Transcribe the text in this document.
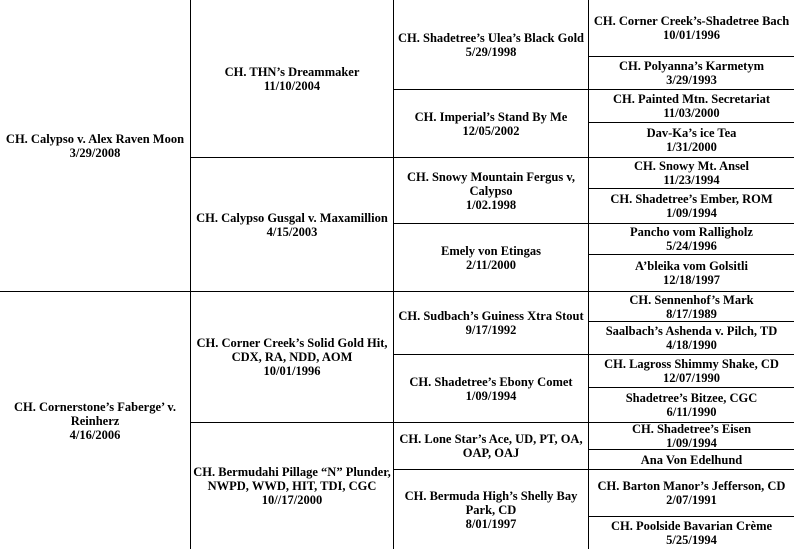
CH. Calypso v. Alex Raven Moon
3/29/2008
CH. Cornerstone’s Faberge’ v. Reinherz
4/16/2006
CH. THN’s Dreammaker
11/10/2004
CH. Calypso Gusgal v. Maxamillion
4/15/2003
CH. Corner Creek’s Solid Gold Hit, CDX, RA, NDD, AOM
10/01/1996
CH. Bermudahi Pillage “N” Plunder, NWPD, WWD, HIT, TDI, CGC
10//17/2000
CH. Shadetree’s Ulea’s Black Gold
5/29/1998
CH. Imperial’s Stand By Me
12/05/2002
CH. Snowy Mountain Fergus v, Calypso
1/02.1998
Emely von Etingas
2/11/2000
CH. Sudbach’s Guiness Xtra Stout
9/17/1992
CH. Shadetree’s Ebony Comet
1/09/1994
CH. Lone Star’s Ace, UD, PT, OA, OAP, OAJ
CH. Bermuda High’s Shelly Bay Park, CD
8/01/1997
CH. Corner Creek’s-Shadetree Bach
10/01/1996
CH. Polyanna’s Karmetym
3/29/1993
CH. Painted Mtn. Secretariat
11/03/2000
Dav-Ka’s ice Tea
1/31/2000
CH. Snowy Mt. Ansel
11/23/1994
CH. Shadetree’s Ember, ROM
1/09/1994
Pancho vom Ralligholz
5/24/1996
A’bleika vom Golsitli
12/18/1997
CH. Sennenhof’s Mark
8/17/1989
Saalbach’s Ashenda v. Pilch, TD
4/18/1990
CH. Lagross Shimmy Shake, CD
12/07/1990
Shadetree’s Bitzee, CGC
6/11/1990
CH. Shadetree’s Eisen
1/09/1994
Ana Von Edelhund
CH. Barton Manor’s Jefferson, CD
2/07/1991
CH. Poolside Bavarian Crème
5/25/1994
